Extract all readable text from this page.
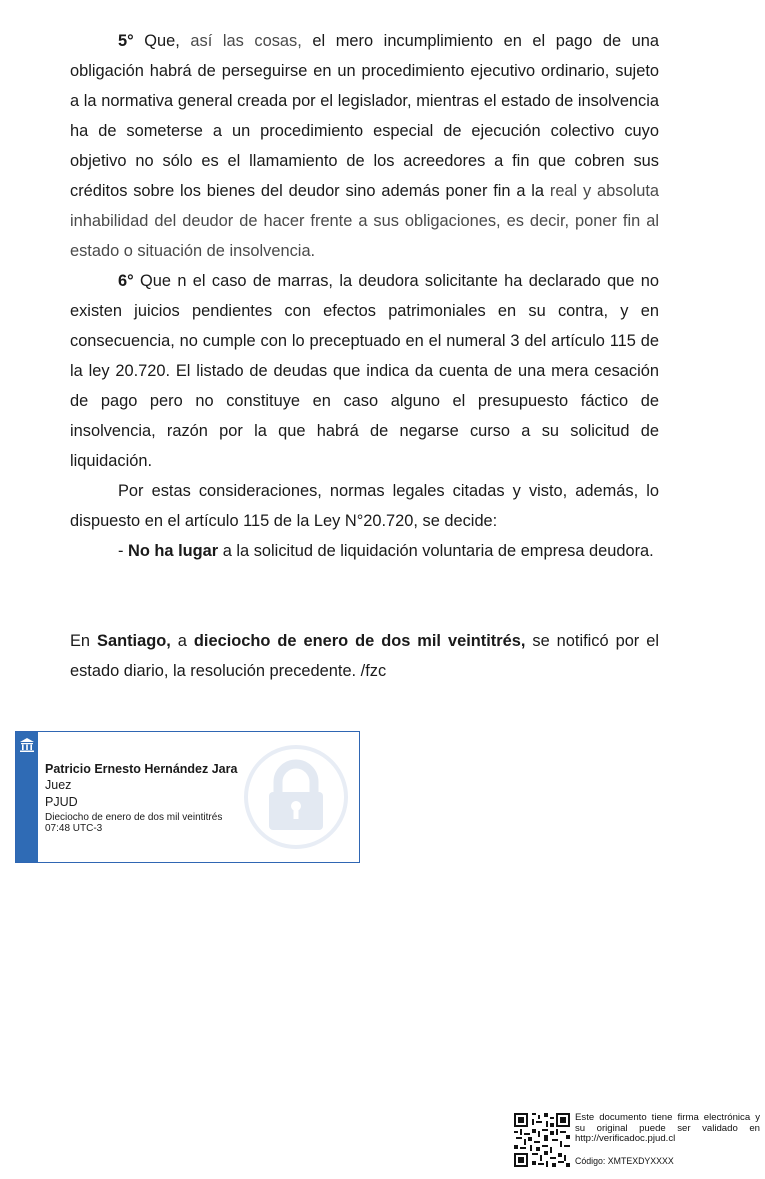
5° Que, así las cosas, el mero incumplimiento en el pago de una obligación habrá de perseguirse en un procedimiento ejecutivo ordinario, sujeto a la normativa general creada por el legislador, mientras el estado de insolvencia ha de someterse a un procedimiento especial de ejecución colectivo cuyo objetivo no sólo es el llamamiento de los acreedores a fin que cobren sus créditos sobre los bienes del deudor sino además poner fin a la real y absoluta inhabilidad del deudor de hacer frente a sus obligaciones, es decir, poner fin al estado o situación de insolvencia.

6° Que n el caso de marras, la deudora solicitante ha declarado que no existen juicios pendientes con efectos patrimoniales en su contra, y en consecuencia, no cumple con lo preceptuado en el numeral 3 del artículo 115 de la ley 20.720. El listado de deudas que indica da cuenta de una mera cesación de pago pero no constituye en caso alguno el presupuesto fáctico de insolvencia, razón por la que habrá de negarse curso a su solicitud de liquidación.

Por estas consideraciones, normas legales citadas y visto, además, lo dispuesto en el artículo 115 de la Ley N°20.720, se decide:

- No ha lugar a la solicitud de liquidación voluntaria de empresa deudora.

En Santiago, a dieciocho de enero de dos mil veintitrés, se notificó por el estado diario, la resolución precedente. /fzc

Patricio Ernesto Hernández Jara
Juez
PJUD
Dieciocho de enero de dos mil veintitrés
07:48 UTC-3
Este documento tiene firma electrónica y su original puede ser validado en http://verificadoc.pjud.cl
Código: XMTEXDYXXXX
